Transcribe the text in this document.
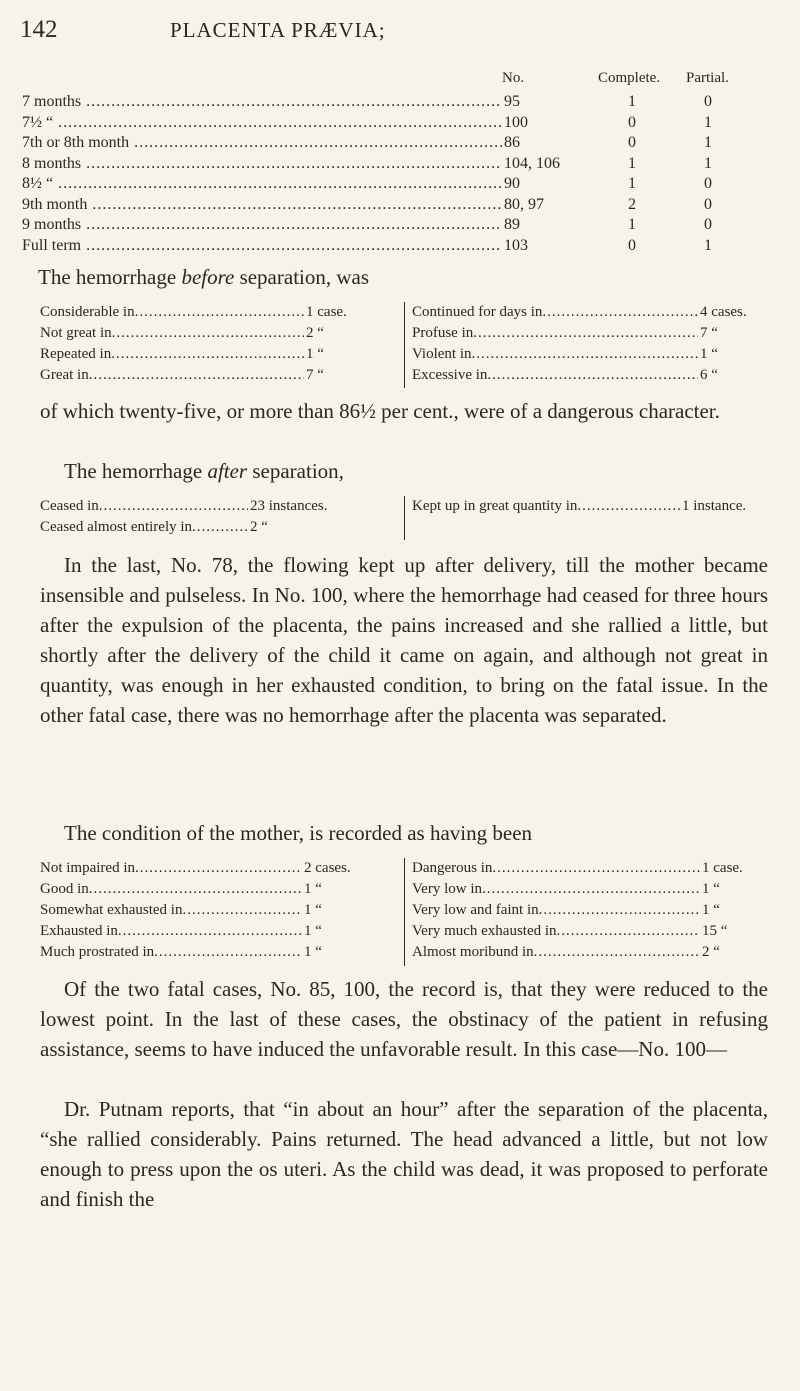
142	PLACENTA PRÆVIA;
No.	Complete. Partial.
7 months .....	95	1	0
7½ “ .....	100	0	1
7th or 8th month .....	86	0	1
8 months .....	104, 106	1	1
8½ “ .....	90	1	0
9th month .....	80, 97	2	0
9 months .....	89	1	0
Full term .....	103	0	1
The hemorrhage before separation, was
Considerable in .....	1 case.
Not great in .....	2 “
Repeated in .....	1 “
Great in .....	7 “
Continued for days in .....	4 cases.
Profuse in .....	7 “
Violent in .....	1 “
Excessive in .....	6 “
of which twenty-five, or more than 86½ per cent., were of a dangerous character.
The hemorrhage after separation,
Ceased in .....	23 instances.
Ceased almost entirely in .....	2 “
Kept up in great quantity in .....	1 instance.
In the last, No. 78, the flowing kept up after delivery, till the mother became insensible and pulseless. In No. 100, where the hemorrhage had ceased for three hours after the expulsion of the placenta, the pains increased and she rallied a little, but shortly after the delivery of the child it came on again, and although not great in quantity, was enough in her exhausted condition, to bring on the fatal issue. In the other fatal case, there was no hemorrhage after the placenta was separated.
The condition of the mother, is recorded as having been
Not impaired in .....	2 cases.
Good in .....	1 “
Somewhat exhausted in .....	1 “
Exhausted in .....	1 “
Much prostrated in .....	1 “
Dangerous in .....	1 case.
Very low in .....	1 “
Very low and faint in .....	1 “
Very much exhausted in .....	15 “
Almost moribund in .....	2 “
Of the two fatal cases, No. 85, 100, the record is, that they were reduced to the lowest point. In the last of these cases, the obstinacy of the patient in refusing assistance, seems to have induced the unfavorable result. In this case—No. 100—
Dr. Putnam reports, that “in about an hour” after the separation of the placenta, “she rallied considerably. Pains returned. The head advanced a little, but not low enough to press upon the os uteri. As the child was dead, it was proposed to perforate and finish the
